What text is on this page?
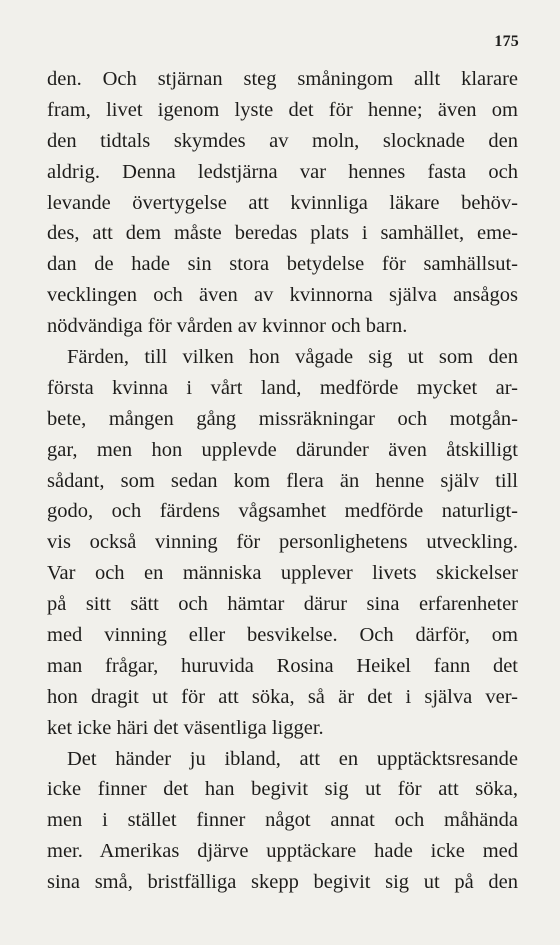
175
den. Och stjärnan steg småningom allt klarare
fram, livet igenom lyste det för henne; även om
den tidtals skymdes av moln, slocknade den
aldrig. Denna ledstjärna var hennes fasta och
levande övertygelse att kvinnliga läkare behöv-
des, att dem måste beredas plats i samhället, eme-
dan de hade sin stora betydelse för samhällsut-
vecklingen och även av kvinnorna själva ansågos
nödvändiga för vården av kvinnor och barn.
Färden, till vilken hon vågade sig ut som den
första kvinna i vårt land, medförde mycket ar-
bete, mången gång missräkningar och motgån-
gar, men hon upplevde därunder även åtskilligt
sådant, som sedan kom flera än henne själv till
godo, och färdens vågsamhet medförde naturligt-
vis också vinning för personlighetens utveckling.
Var och en människa upplever livets skickelser
på sitt sätt och hämtar därur sina erfarenheter
med vinning eller besvikelse. Och därför, om
man frågar, huruvida Rosina Heikel fann det
hon dragit ut för att söka, så är det i själva ver-
ket icke häri det väsentliga ligger.
Det händer ju ibland, att en upptäcktsresande
icke finner det han begivit sig ut för att söka,
men i stället finner något annat och måhända
mer. Amerikas djärve upptäckare hade icke med
sina små, bristfälliga skepp begivit sig ut på den
